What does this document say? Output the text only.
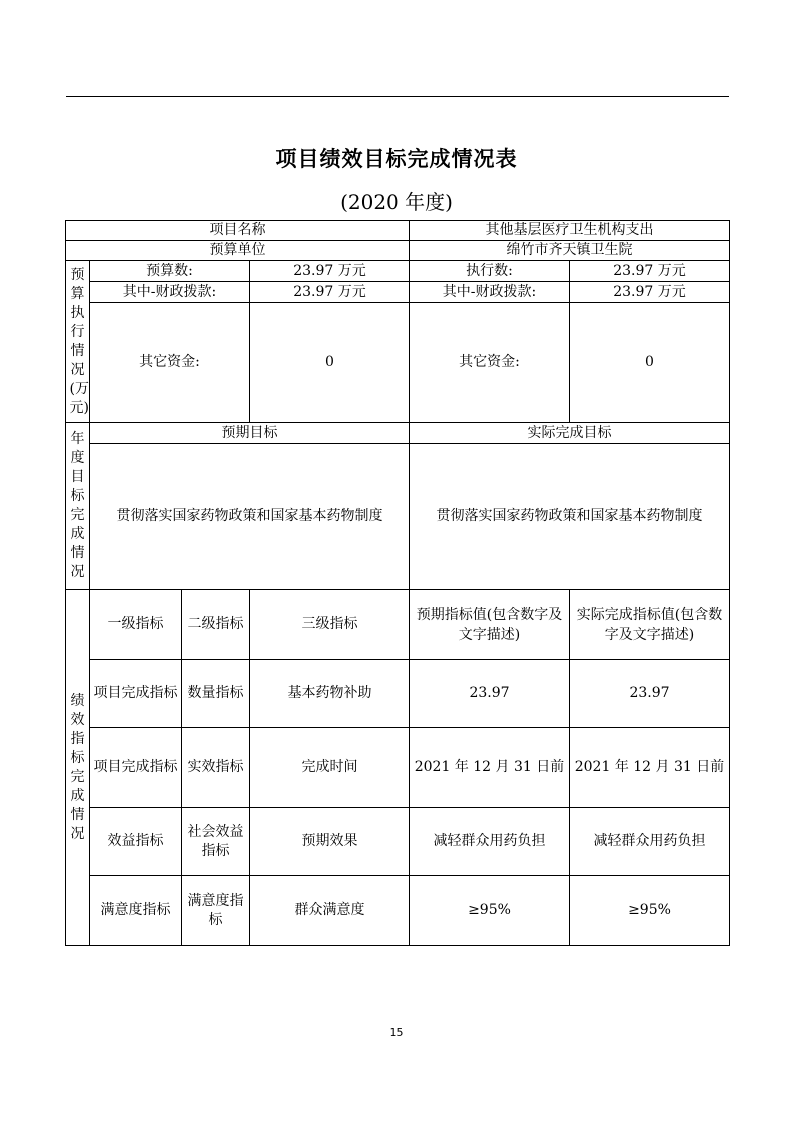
项目绩效目标完成情况表
(2020 年度)
项目名称				其他基层医疗卫生机构支出	
预算单位				绵竹市齐天镇卫生院	

预算执行情况(万元)	预算数:		23.97 万元	执行数:	23.97 万元
	其中-财政拨款:		23.97 万元	其中-财政拨款:	23.97 万元
	其它资金:		0	其它资金:	0

年度目标完成情况	预期目标			实际完成目标	
	贯彻落实国家药物政策和国家基本药物制度			贯彻落实国家药物政策和国家基本药物制度	

绩效指标完成情况	一级指标	二级指标	三级指标	预期指标值(包含数字及文字描述)	实际完成指标值(包含数字及文字描述)

	项目完成指标	数量指标	基本药物补助	23.97	23.97
	项目完成指标	实效指标	完成时间	2021 年 12 月 31 日前	2021 年 12 月 31 日前
	效益指标	社会效益指标	预期效果	减轻群众用药负担	减轻群众用药负担
	满意度指标	满意度指标	群众满意度	≥95%	≥95%
15
